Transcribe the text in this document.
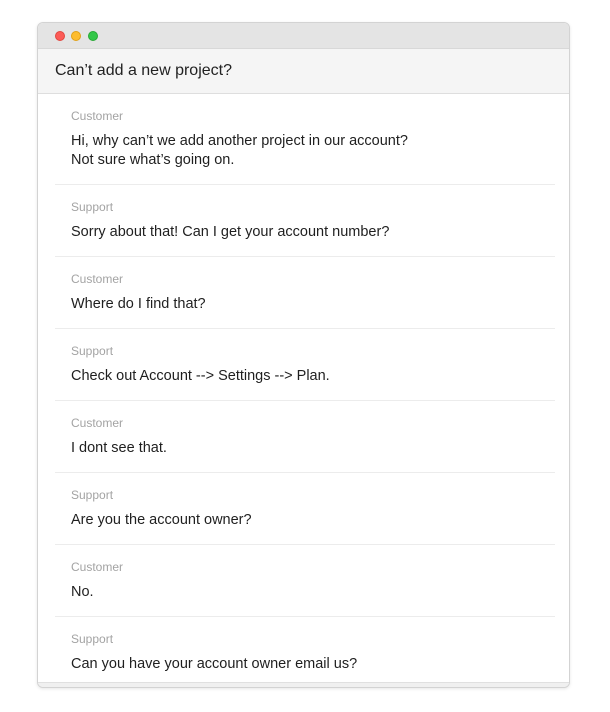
Can’t add a new project?
Customer
Hi, why can’t we add another project in our account?
Not sure what’s going on.
Support
Sorry about that! Can I get your account number?
Customer
Where do I find that?
Support
Check out Account --> Settings --> Plan.
Customer
I dont see that.
Support
Are you the account owner?
Customer
No.
Support
Can you have your account owner email us?
